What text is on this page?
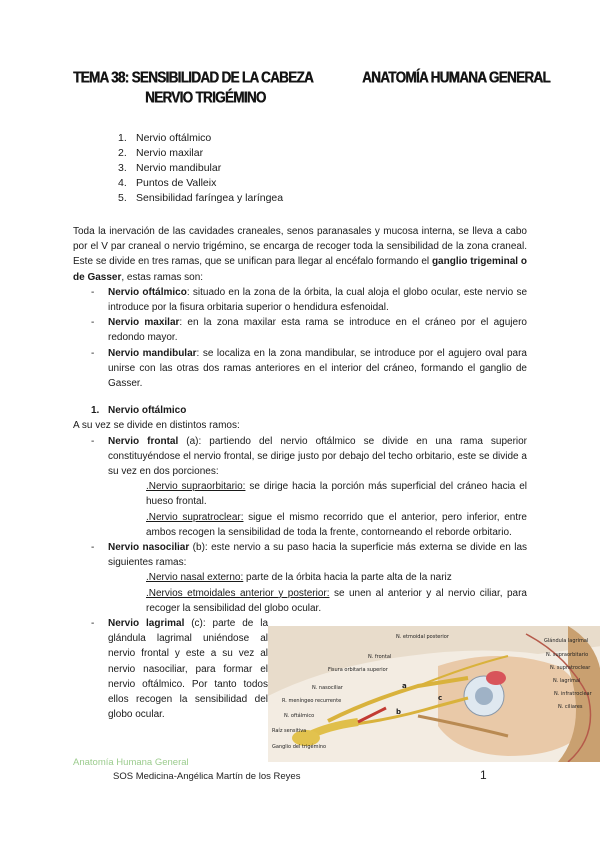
TEMA 38: SENSIBILIDAD DE LA CABEZA
NERVIO TRIGÉMINO
ANATOMÍA HUMANA GENERAL
1. Nervio oftálmico
2. Nervio maxilar
3. Nervio mandibular
4. Puntos de Valleix
5. Sensibilidad faríngea y laríngea

Toda la inervación de las cavidades craneales, senos paranasales y mucosa interna, se lleva a cabo por el V par craneal o nervio trigémino, se encarga de recoger toda la sensibilidad de la zona craneal. Este se divide en tres ramas, que se unifican para llegar al encéfalo formando el ganglio trigeminal o de Gasser, estas ramas son:

-	Nervio oftálmico: situado en la zona de la órbita, la cual aloja el globo ocular, este nervio se introduce por la fisura orbitaria superior o hendidura esfenoidal.
-	Nervio maxilar: en la zona maxilar esta rama se introduce en el cráneo por el agujero redondo mayor.
-	Nervio mandibular: se localiza en la zona mandibular, se introduce por el agujero oval para unirse con las otras dos ramas anteriores en el interior del cráneo, formando el ganglio de Gasser.
1. Nervio oftálmico

A su vez se divide en distintos ramos:

-	Nervio frontal (a): partiendo del nervio oftálmico se divide en una rama superior constituyéndose el nervio frontal, se dirige justo por debajo del techo orbitario, este se divide a su vez en dos porciones:

.Nervio supraorbitario: se dirige hacia la porción más superficial del cráneo hacia el hueso frontal.

.Nervio supratroclear: sigue el mismo recorrido que el anterior, pero inferior, entre ambos recogen la sensibilidad de toda la frente, contorneando el reborde orbitario.

-	Nervio nasociliar (b): este nervio a su paso hacia la superficie más externa se divide en las siguientes ramas:

.Nervio nasal externo: parte de la órbita hacia la parte alta de la nariz

.Nervios etmoidales anterior y posterior: se unen al anterior y al nervio ciliar, para recoger la sensibilidad del globo ocular.

-	Nervio lagrimal (c): parte de la glándula lagrimal uniéndose al nervio frontal y este a su vez al nervio nasociliar, para formar el nervio oftálmico. Por tanto todos ellos recogen la sensibilidad del globo ocular.
N. etmoidal posterior
N. frontal
Fisura orbitaria superior
N. nasociliar
R. meníngeo recurrente
N. oftálmico
Raíz sensitiva
Ganglio del trigémino
Glándula lagrimal
N. supraorbitario
N. supratroclear
N. lagrimal
N. infratroclear
N. ciliares
a
b
c
Anatomía Humana General
SOS Medicina-Angélica Martín de los Reyes	1
